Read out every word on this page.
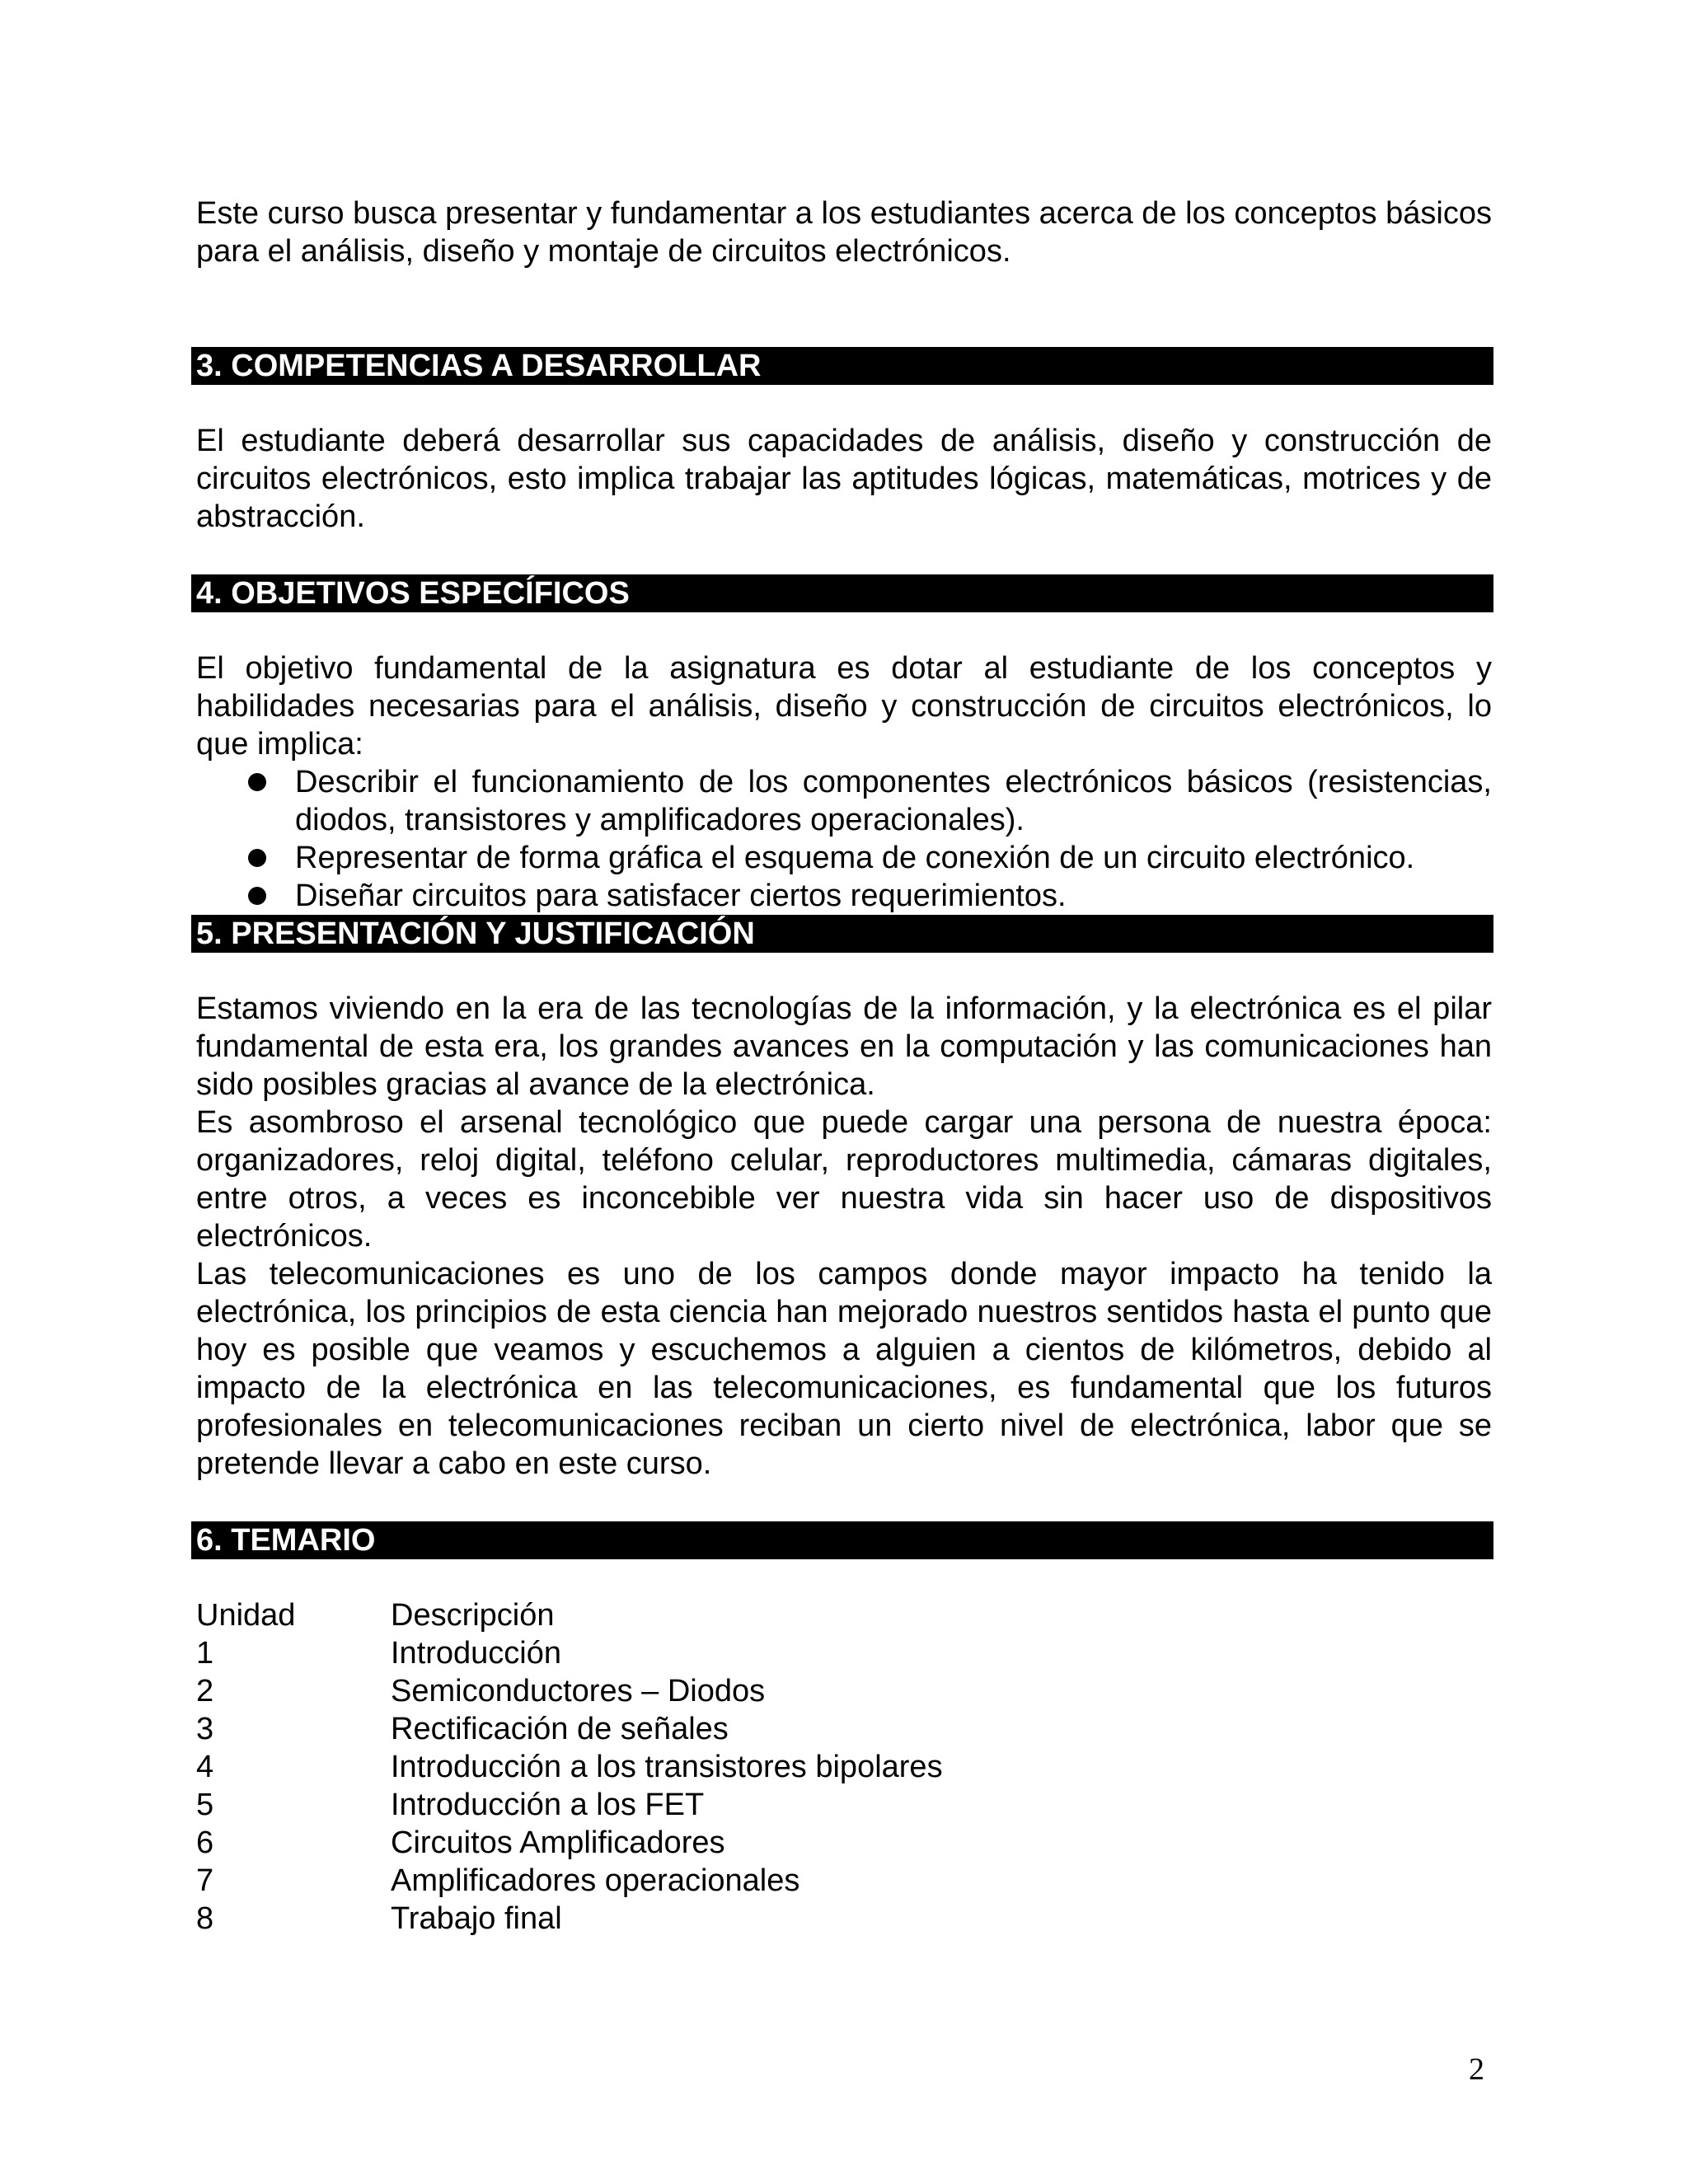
Este curso busca presentar y fundamentar a los estudiantes acerca de los conceptos básicos para el análisis, diseño y montaje de circuitos electrónicos.

3. COMPETENCIAS A DESARROLLAR

El estudiante deberá desarrollar sus capacidades de análisis, diseño y construcción de circuitos electrónicos, esto implica trabajar las aptitudes lógicas, matemáticas, motrices y de abstracción.

4. OBJETIVOS ESPECÍFICOS

El objetivo fundamental de la asignatura es dotar al estudiante de los conceptos y habilidades necesarias para el análisis, diseño y construcción de circuitos electrónicos, lo que implica:

Describir el funcionamiento de los componentes electrónicos básicos (resistencias, diodos, transistores y amplificadores operacionales).
Representar de forma gráfica el esquema de conexión de un circuito electrónico.
Diseñar circuitos para satisfacer ciertos requerimientos.
5. PRESENTACIÓN Y JUSTIFICACIÓN

Estamos viviendo en la era de las tecnologías de la información, y la electrónica es el pilar fundamental de esta era, los grandes avances en la computación y las comunicaciones han sido posibles gracias al avance de la electrónica.

Es asombroso el arsenal tecnológico que puede cargar una persona de nuestra época: organizadores, reloj digital, teléfono celular, reproductores multimedia, cámaras digitales, entre otros, a veces es inconcebible ver nuestra vida sin hacer uso de dispositivos electrónicos.

Las telecomunicaciones es uno de los campos donde mayor impacto ha tenido la electrónica, los principios de esta ciencia han mejorado nuestros sentidos hasta el punto que hoy es posible que veamos y escuchemos a alguien a cientos de kilómetros, debido al impacto de la electrónica en las telecomunicaciones, es fundamental que los futuros profesionales en telecomunicaciones reciban un cierto nivel de electrónica, labor que se pretende llevar a cabo en este curso.

6. TEMARIO
Unidad	Descripción
1	Introducción
2	Semiconductores – Diodos
3	Rectificación de señales
4	Introducción a los transistores bipolares
5	Introducción a los FET
6	Circuitos Amplificadores
7	Amplificadores operacionales
8	Trabajo final
2
